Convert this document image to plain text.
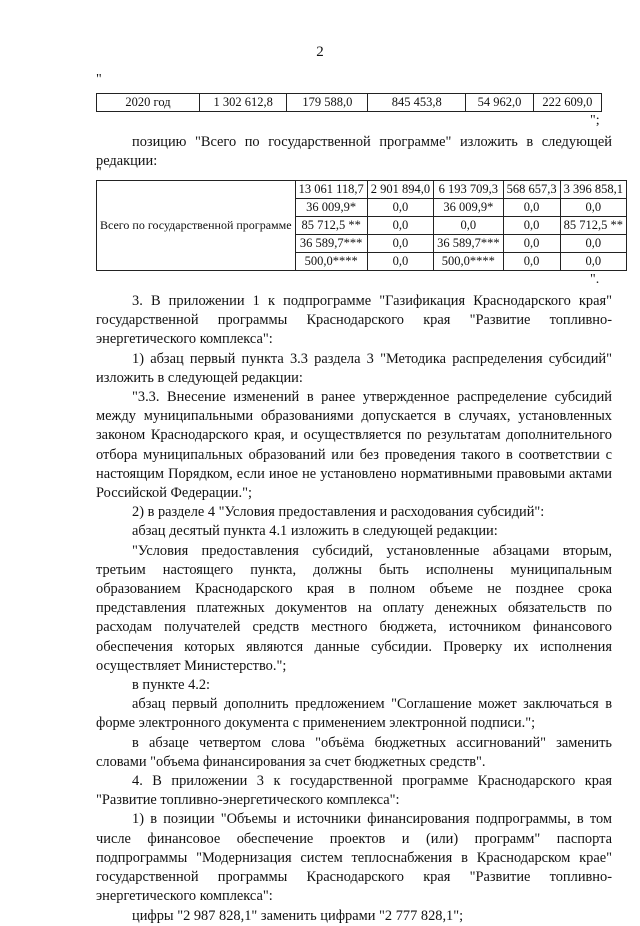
2
"
2020 год	1 302 612,8	179 588,0	845 453,8	54 962,0	222 609,0
";

позицию "Всего по государственной программе" изложить в следующей редакции:

"
Всего по государственной программе	13 061 118,7	2 901 894,0	6 193 709,3	568 657,3	3 396 858,1
	36 009,9*	0,0	36 009,9*	0,0	0,0
	85 712,5 **	0,0	0,0	0,0	85 712,5 **
	36 589,7***	0,0	36 589,7***	0,0	0,0
	500,0****	0,0	500,0****	0,0	0,0
".

3. В приложении 1 к подпрограмме "Газификация Краснодарского края" государственной программы Краснодарского края "Развитие топливно-энергетического комплекса":

1) абзац первый пункта 3.3 раздела 3 "Методика распределения субсидий" изложить в следующей редакции:

"3.3. Внесение изменений в ранее утвержденное распределение субсидий между муниципальными образованиями допускается в случаях, установленных законом Краснодарского края, и осуществляется по результатам дополнительного отбора муниципальных образований или без проведения такого в соответствии с настоящим Порядком, если иное не установлено нормативными правовыми актами Российской Федерации.";

2) в разделе 4 "Условия предоставления и расходования субсидий":

абзац десятый пункта 4.1 изложить в следующей редакции:

"Условия предоставления субсидий, установленные абзацами вторым, третьим настоящего пункта, должны быть исполнены муниципальным образованием Краснодарского края в полном объеме не позднее срока представления платежных документов на оплату денежных обязательств по расходам получателей средств местного бюджета, источником финансового обеспечения которых являются данные субсидии. Проверку их исполнения осуществляет Министерство.";

в пункте 4.2:

абзац первый дополнить предложением "Соглашение может заключаться в форме электронного документа с применением электронной подписи.";

в абзаце четвертом слова "объёма бюджетных ассигнований" заменить словами "объема финансирования за счет бюджетных средств".

4. В приложении 3 к государственной программе Краснодарского края "Развитие топливно-энергетического комплекса":

1) в позиции "Объемы и источники финансирования подпрограммы, в том числе финансовое обеспечение проектов и (или) программ" паспорта подпрограммы "Модернизация систем теплоснабжения в Краснодарском крае" государственной программы Краснодарского края "Развитие топливно-энергетического комплекса":

цифры "2 987 828,1" заменить цифрами "2 777 828,1";
